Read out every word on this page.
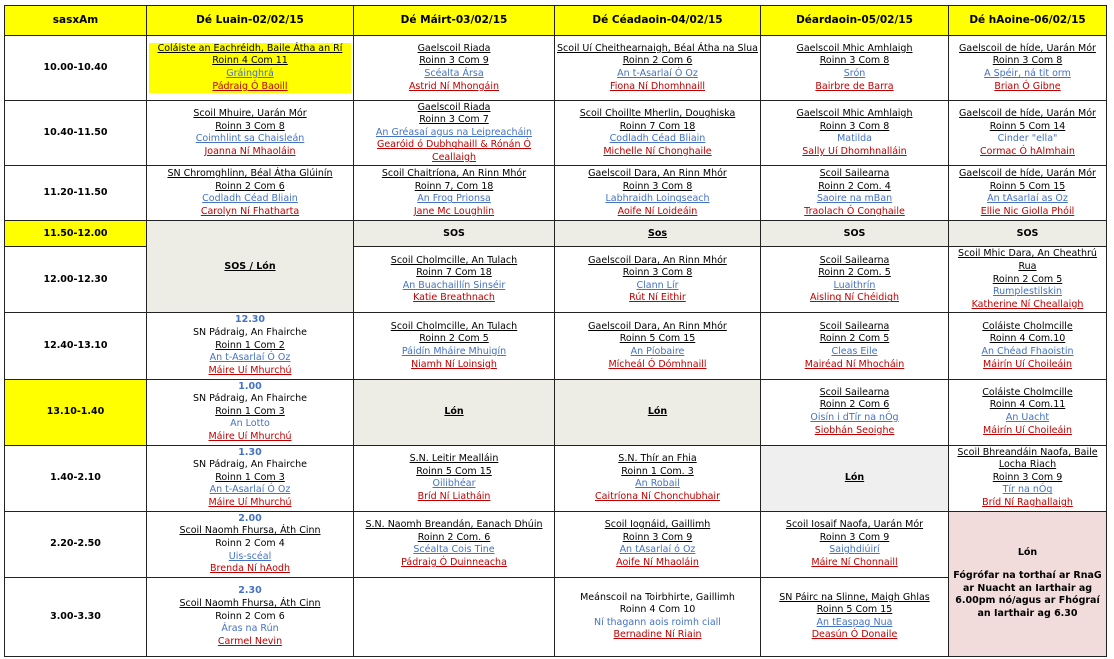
sasxAm	Dé Luain-02/02/15	Dé Máirt-03/02/15	Dé Céadaoin-04/02/15	Déardaoin-05/02/15	Dé hAoine-06/02/15
10.00-10.40	Coláiste an Eachréidh, Baile Átha an Rí
Roinn 4 Com 11
Gráinghrá
Pádraig Ó Baoill	Gaelscoil Riada
Roinn 3 Com 9
Scéalta Ársa
Astrid Ní Mhongáin	Scoil Uí Cheithearnaigh, Béal Átha na Slua
Roinn 2 Com 6
An t-Asarlaí Ó Oz
Fiona Ní Dhomhnaill	Gaelscoil Mhic Amhlaigh
Roinn 3 Com 8
Srón
Bairbre de Barra	Gaelscoil de híde, Uarán Mór
Roinn 3 Com 8
A Spéir, ná tit orm
Brian Ó Gibne

10.40-11.50	Scoil Mhuire, Uarán Mór
Roinn 3 Com 8
Coimhlint sa Chaisleán
Joanna Ní Mhaoláin	Gaelscoil Riada
Roinn 3 Com 7
An Gréasaí agus na Leipreacháin
Gearóid ó Dubhghaill & Rónán Ó
Ceallaigh	Scoil Choillte Mherlin, Doughiska
Roinn 7 Com 18
Codladh Céad Bliain
Michelle Ní Chonghaile	Gaelscoil Mhic Amhlaigh
Roinn 3 Com 8
Matilda
Sally Uí Dhomhnalláin	Gaelscoil de híde, Uarán Mór
Roinn 5 Com 14
Cinder "ella"
Cormac Ó hAlmhain

11.20-11.50	SN Chromghlinn, Béal Átha Glúinín
Roinn 2 Com 6
Codladh Céad Bliain
Carolyn Ní Fhatharta	Scoil Chaitríona, An Rinn Mhór
Roinn 7, Com 18
An Frog Prionsa
Jane Mc Loughlin	Gaelscoil Dara, An Rinn Mhór
Roinn 3 Com 8
Labhraidh Loingseach
Aoife Ní Loideáin	Scoil Sailearna
Roinn 2 Com. 4
Saoire na mBan
Traolach Ó Conghaile	Gaelscoil de híde, Uarán Mór
Roinn 5 Com 15
An tAsarlaí as Oz
Ellie Nic Giolla Phóil

11.50-12.00	SOS / Lón	SOS	Sos	SOS	SOS
12.00-12.30		Scoil Cholmcille, An Tulach
Roinn 7 Com 18
An Buachaillín Sinséir
Katie Breathnach	Gaelscoil Dara, An Rinn Mhór
Roinn 3 Com 8
Clann Lír
Rút Ní Eithir	Scoil Sailearna
Roinn 2 Com. 5
Luaithrín
Aisling Ní Chéidigh	Scoil Mhic Dara, An Cheathrú
Rua
Roinn 2 Com 5
Rumplestilskin
Katherine Ní Cheallaigh

12.40-13.10	12.30
SN Pádraig, An Fhairche
Roinn 1 Com 2
An t-Asarlaí Ó Oz
Máire Uí Mhurchú	Scoil Cholmcille, An Tulach
Roinn 2 Com 5
Páidín Mháire Mhuigín
Niamh Ní Loinsigh	Gaelscoil Dara, An Rinn Mhór
Roinn 5 Com 15
An Píobaire
Mícheál Ó Dómhnaill	Scoil Sailearna
Roinn 2 Com 5
Cleas Eile
Mairéad Ní Mhocháin	Coláiste Cholmcille
Roinn 4 Com.10
An Chéad Fhaoistin
Máirín Uí Choileáin

13.10-1.40	1.00
SN Pádraig, An Fhairche
Roinn 1 Com 3
An Lotto
Máire Uí Mhurchú	Lón	Lón	Scoil Sailearna
Roinn 2 Com 6
Oisín i dTír na nÓg
Siobhán Seoighe	Coláiste Cholmcille
Roinn 4 Com.11
An Uacht
Máirín Uí Choileáin

1.40-2.10	1.30
SN Pádraig, An Fhairche
Roinn 1 Com 3
An t-Asarlaí Ó Oz
Máire Uí Mhurchú	S.N. Leitir Mealláin
Roinn 5 Com 15
Oilibhéar
Bríd Ní Liatháin	S.N. Thír an Fhia
Roinn 1 Com. 3
An Robail
Caitríona Ní Chonchubhair	Lón	Scoil Bhreandáin Naofa, Baile
Locha Riach
Roinn 3 Com 9
Tír na nÓg
Bríd Ní Raghallaigh

2.20-2.50	2.00
Scoil Naomh Fhursa, Áth Cinn
Roinn 2 Com 4
Uis-scéal
Brenda Ní hAodh	S.N. Naomh Breandán, Eanach Dhúin
Roinn 2 Com. 6
Scéalta Cois Tine
Pádraig Ó Duinneacha	Scoil Iognáid, Gaillimh
Roinn 3 Com 9
An tAsarlaí ó Oz
Aoife Ní Mhaoláin	Scoil Iosaif Naofa, Uarán Mór
Roinn 3 Com 9
Saighdiúirí
Máire Ní Chonnaill	Lón
Fógrófar na torthaí ar RnaG ar Nuacht an Iarthair ag 6.00pm nó/agus ar Fhógraí an Iarthair ag 6.30

3.00-3.30	2.30
Scoil Naomh Fhursa, Áth Cinn
Roinn 2 Com 6
Áras na Rún
Carmel Nevin		Meánscoil na Toirbhirte, Gaillimh
Roinn 4 Com 10
Ní thagann aois roimh ciall
Bernadine Ní Riain	SN Páirc na Slinne, Maigh Ghlas
Roinn 5 Com 15
An tEaspag Nua
Deasún Ó Donaile	
